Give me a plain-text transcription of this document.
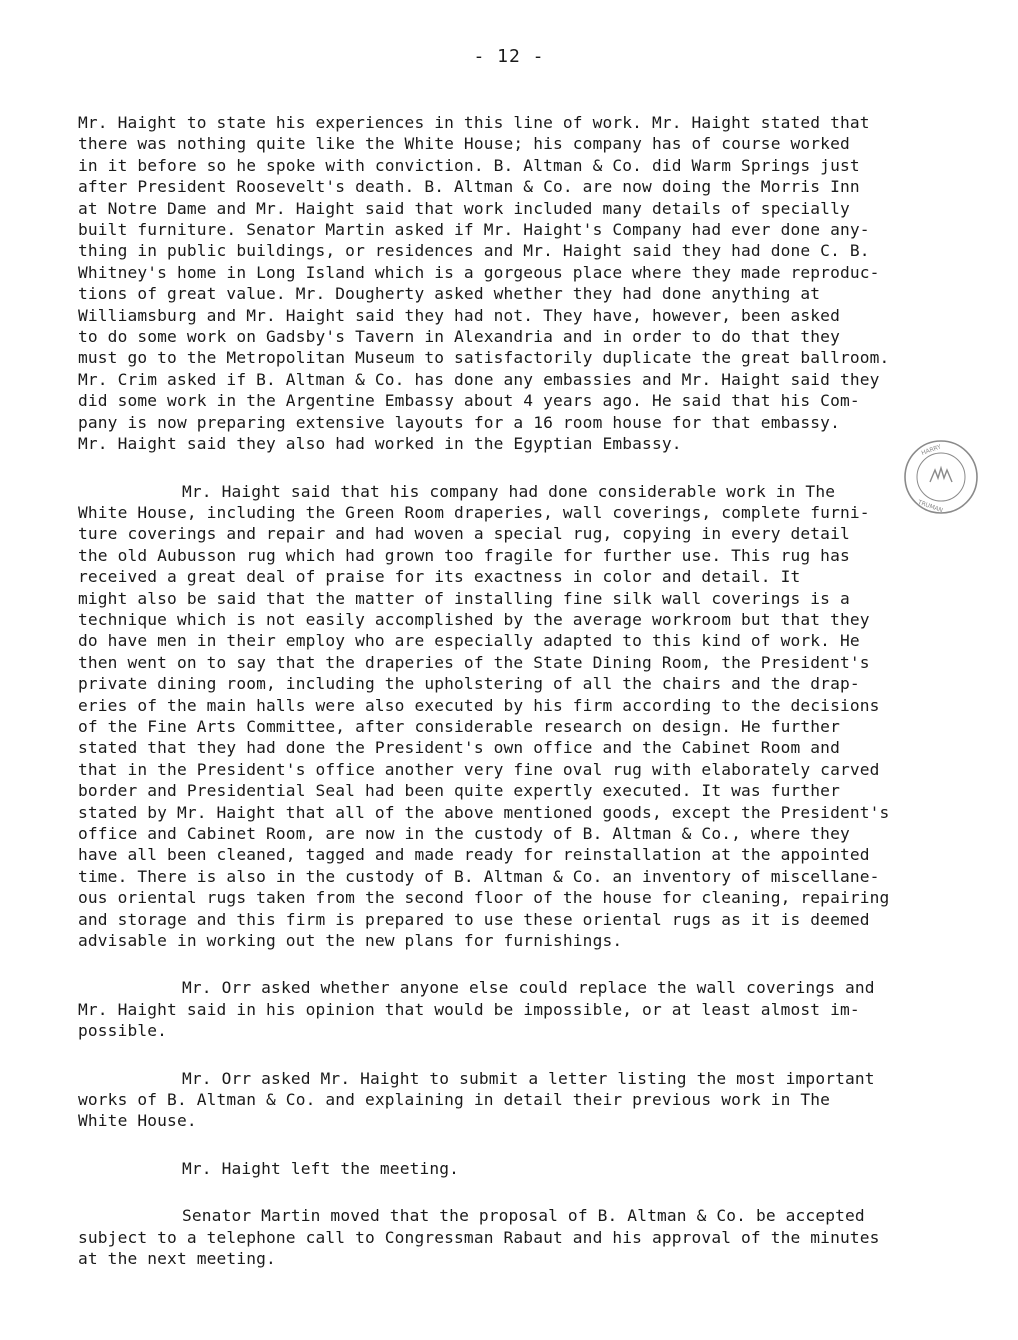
- 12 -
Mr. Haight to state his experiences in this line of work. Mr. Haight stated that
there was nothing quite like the White House; his company has of course worked
in it before so he spoke with conviction. B. Altman & Co. did Warm Springs just
after President Roosevelt's death. B. Altman & Co. are now doing the Morris Inn
at Notre Dame and Mr. Haight said that work included many details of specially
built furniture. Senator Martin asked if Mr. Haight's Company had ever done any-
thing in public buildings, or residences and Mr. Haight said they had done C. B.
Whitney's home in Long Island which is a gorgeous place where they made reproduc-
tions of great value. Mr. Dougherty asked whether they had done anything at
Williamsburg and Mr. Haight said they had not. They have, however, been asked
to do some work on Gadsby's Tavern in Alexandria and in order to do that they
must go to the Metropolitan Museum to satisfactorily duplicate the great ballroom.
Mr. Crim asked if B. Altman & Co. has done any embassies and Mr. Haight said they
did some work in the Argentine Embassy about 4 years ago. He said that his Com-
pany is now preparing extensive layouts for a 16 room house for that embassy.
Mr. Haight said they also had worked in the Egyptian Embassy.
Mr. Haight said that his company had done considerable work in The
White House, including the Green Room draperies, wall coverings, complete furni-
ture coverings and repair and had woven a special rug, copying in every detail
the old Aubusson rug which had grown too fragile for further use. This rug has
received a great deal of praise for its exactness in color and detail. It
might also be said that the matter of installing fine silk wall coverings is a
technique which is not easily accomplished by the average workroom but that they
do have men in their employ who are especially adapted to this kind of work. He
then went on to say that the draperies of the State Dining Room, the President's
private dining room, including the upholstering of all the chairs and the drap-
eries of the main halls were also executed by his firm according to the decisions
of the Fine Arts Committee, after considerable research on design. He further
stated that they had done the President's own office and the Cabinet Room and
that in the President's office another very fine oval rug with elaborately carved
border and Presidential Seal had been quite expertly executed. It was further
stated by Mr. Haight that all of the above mentioned goods, except the President's
office and Cabinet Room, are now in the custody of B. Altman & Co., where they
have all been cleaned, tagged and made ready for reinstallation at the appointed
time. There is also in the custody of B. Altman & Co. an inventory of miscellane-
ous oriental rugs taken from the second floor of the house for cleaning, repairing
and storage and this firm is prepared to use these oriental rugs as it is deemed
advisable in working out the new plans for furnishings.
Mr. Orr asked whether anyone else could replace the wall coverings and
Mr. Haight said in his opinion that would be impossible, or at least almost im-
possible.
Mr. Orr asked Mr. Haight to submit a letter listing the most important
works of B. Altman & Co. and explaining in detail their previous work in The
White House.
Mr. Haight left the meeting.
Senator Martin moved that the proposal of B. Altman & Co. be accepted
subject to a telephone call to Congressman Rabaut and his approval of the minutes
at the next meeting.
HARRY
TRUMAN
